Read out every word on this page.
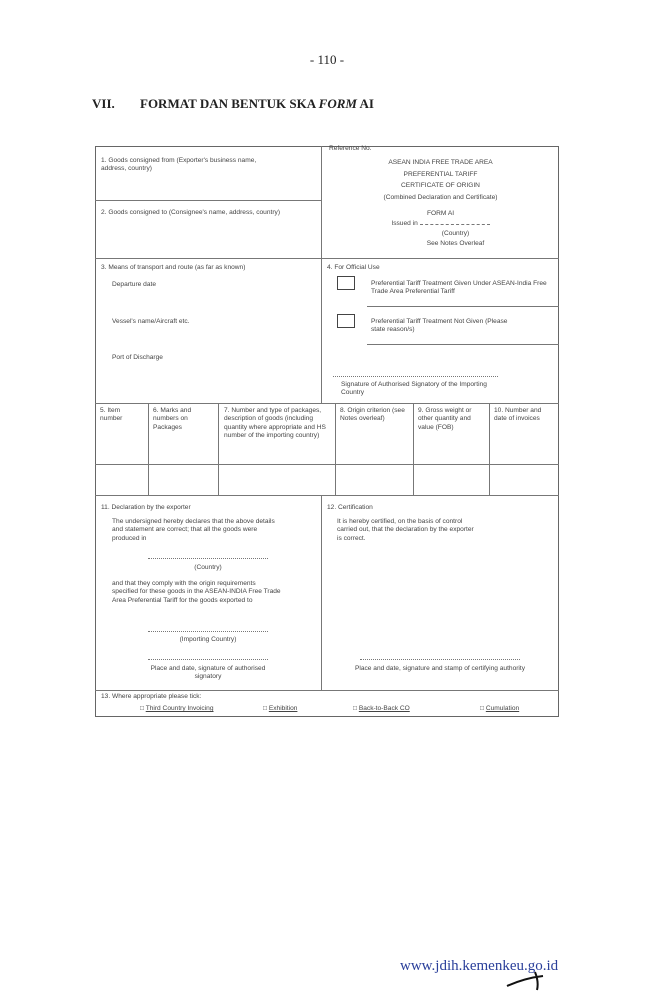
- 110 -
VII. FORMAT DAN BENTUK SKA FORM AI
1. Goods consigned from (Exporter's business name, address, country)
2. Goods consigned to (Consignee's name, address, country)
Reference No.
ASEAN INDIA FREE TRADE AREA
PREFERENTIAL TARIFF
CERTIFICATE OF ORIGIN
(Combined Declaration and Certificate)
FORM AI
Issued in
(Country)
See Notes Overleaf
3. Means of transport and route (as far as known)
Departure date
Vessel's name/Aircraft etc.
Port of Discharge
4. For Official Use
Preferential Tariff Treatment Given Under ASEAN-India Free Trade Area Preferential Tariff
Preferential Tariff Treatment Not Given (Please state reason/s)
Signature of Authorised Signatory of the Importing Country
5. Item number
6. Marks and numbers on Packages
7. Number and type of packages, description of goods (including quantity where appropriate and HS number of the importing country)
8. Origin criterion (see Notes overleaf)
9. Gross weight or other quantity and value (FOB)
10. Number and date of invoices
11. Declaration by the exporter
The undersigned hereby declares that the above details and statement are correct; that all the goods were produced in
(Country)
and that they comply with the origin requirements specified for these goods in the ASEAN-INDIA Free Trade Area Preferential Tariff for the goods exported to
(Importing Country)
Place and date, signature of authorised signatory
12. Certification
It is hereby certified, on the basis of control carried out, that the declaration by the exporter is correct.
Place and date, signature and stamp of certifying authority
13. Where appropriate please tick:
□ Third Country Invoicing	□ Exhibition	□ Back-to-Back CO	□ Cumulation
www.jdih.kemenkeu.go.id
